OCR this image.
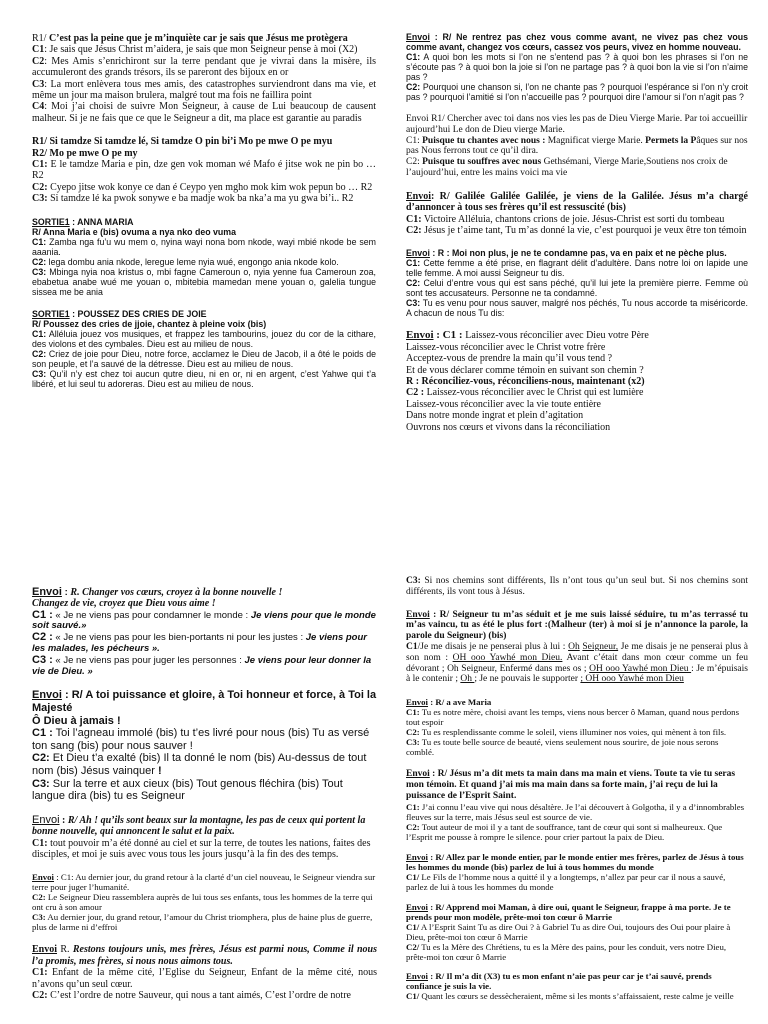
R1/ C’est pas la peine que je m’inquiète car je sais que Jésus me protègera

C1: Je sais que Jésus Christ m’aidera, je sais que mon Seigneur pense à moi (X2)

C2: Mes Amis s’enrichiront sur la terre pendant que je vivrai dans la misère, ils accumuleront des grands trésors, ils se pareront des bijoux en or

C3: La mort enlèvera tous mes amis, des catastrophes surviendront dans ma vie, et même un jour ma maison brulera, malgré tout ma fois ne faillira point

C4: Moi j’ai choisi de suivre Mon Seigneur, à cause de Lui beaucoup de causent malheur. Si je ne fais que ce que le Seigneur a dit, ma place est garantie au paradis

R1/ Si tamdze Si tamdze lé, Si tamdze O pin bi’i Mo pe mwe O pe myu

R2/ Mo pe mwe O pe my

C1: E le tamdze Maria e pin, dze gen vok moman wé Mafo é jitse wok ne pin bo …R2

C2: Cyepo jitse wok konye ce dan é Ceypo yen mgho mok kim wok pepun bo … R2

C3: Si tamdze lé ka pwok sonywe e ba madje wok ba nka’a ma yu gwa bi’i.. R2

SORTIE1 : ANNA MARIA

R/ Anna Maria e (bis) ovuma a nya nko deo vuma

C1: Zamba nga fu’u wu mem o, nyina wayi nona bom nkode, wayi mbié nkode be sem aaania.

C2: lega dombu ania nkode, leregue leme nyia wué, engongo ania nkode kolo.

C3: Mbinga nyia noa kristus o, mbi fagne Cameroun o, nyia yenne fua Cameroun zoa, ebabetua anabe wué me youan o, mbitebia mamedan mene youan o, galelia tungue sissea me be ania

SORTIE1 : POUSSEZ DES CRIES DE JOIE

R/ Poussez des cries de jjoie, chantez à pleine voix (bis)

C1: Alléluia jouez vos musiques, et frappez les tambourins, jouez du cor de la cithare, des violons et des cymbales. Dieu est au milieu de nous.

C2: Criez de joie pour Dieu, notre force, acclamez le Dieu de Jacob, il a ôté le poids de son peuple, et l’a sauvé de la détresse. Dieu est au milieu de nous.

C3: Qu’il n’y est chez toi aucun qutre dieu, ni en or, ni en argent, c’est Yahwe qui t’a libéré, et lui seul tu adoreras. Dieu est au milieu de nous.

Envoi : R/ Ne rentrez pas chez vous comme avant, ne vivez pas chez vous comme avant, changez vos cœurs, cassez vos peurs, vivez en homme nouveau.

C1: A quoi bon les mots si l’on ne s’entend pas ? à quoi bon les phrases si l’on ne s’écoute pas ? à quoi bon la joie si l’on ne partage pas ? à quoi bon la vie si l’on n’aime pas ?

C2: Pourquoi une chanson si, l’on ne chante pas ? pourquoi l’espérance si l’on n’y croit pas ? pourquoi l’amitié si l’on n’accueille pas ? pourquoi dire l’amour si l’on n’agit pas ?

Envoi R1/ Chercher avec toi dans nos vies les pas de Dieu Vierge Marie. Par toi accueillir aujourd’hui Le don de Dieu vierge Marie.

C1: Puisque tu chantes avec nous : Magnificat vierge Marie. Permets la Pâques sur nos pas Nous ferrons tout ce qu’il dira.

C2: Puisque tu souffres avec nous Gethsémani, Vierge Marie,Soutiens nos croix de l’aujourd’hui, entre les mains voici ma vie

Envoi: R/ Galilée Galilée Galilée, je viens de la Galilée. Jésus m’a chargé d’annoncer à tous ses frères qu’il est ressuscité (bis)

C1: Victoire Alléluia, chantons crions de joie. Jésus-Christ est sorti du tombeau

C2: Jésus je t’aime tant, Tu m’as donné la vie, c’est pourquoi je veux être ton témoin

Envoi : R : Moi non plus, je ne te condamne pas, va en paix et ne pèche plus.

C1: Cette femme a été prise, en flagrant délit d’adultère. Dans notre loi on lapide une telle femme. A moi aussi Seigneur tu dis.

C2: Celui d’entre vous qui est sans péché, qu’il lui jete la première pierre. Femme où sont tes accusateurs. Personne ne ta condamné.

C3: Tu es venu pour nous sauver, malgré nos péchés, Tu nous accorde ta miséricorde. A chacun de nous Tu dis:

Envoi : C1 : Laissez-vous réconcilier avec Dieu votre Père

Laissez-vous réconcilier avec le Christ votre frère

Acceptez-vous de prendre la main qu’il vous tend ?

Et de vous déclarer comme témoin en suivant son chemin ?

R : Réconciliez-vous, réconciliens-nous, maintenant (x2)

C2 : Laissez-vous réconcilier avec le Christ qui est lumière

Laissez-vous réconcilier avec la vie toute entière

Dans notre monde ingrat et plein d’agitation

Ouvrons nos cœurs et vivons dans la réconciliation

Envoi : R. Changer vos cœurs, croyez à la bonne nouvelle !

Changez de vie, croyez que Dieu vous aime !

C1 : « Je ne viens pas pour condamner le monde : Je viens pour que le monde soit sauvé.»

C2 : « Je ne viens pas pour les bien-portants ni pour les justes : Je viens pour les malades, les pécheurs ».

C3 : « Je ne viens pas pour juger les personnes : Je viens pour leur donner la vie de Dieu. »

Envoi : R/ A toi puissance et gloire, à Toi honneur et force, à Toi la Majesté

Ô Dieu à jamais !

C1 : Toi l’agneau immolé (bis) tu t’es livré pour nous (bis) Tu as versé ton sang (bis) pour nous sauver !

C2: Et Dieu t’a exalté (bis) Il ta donné le nom (bis) Au-dessus de tout nom (bis) Jésus vainquer !

C3: Sur la terre et aux cieux (bis) Tout genous fléchira (bis) Tout langue dira (bis) tu es Seigneur

Envoi : R/ Ah ! qu’ils sont beaux sur la montagne, les pas de ceux qui portent la bonne nouvelle, qui annoncent le salut et la paix.

C1: tout pouvoir m’a été donné au ciel et sur la terre, de toutes les nations, faites des disciples, et moi je suis avec vous tous les jours jusqu’à la fin des des temps.

Envoi : C1: Au dernier jour, du grand retour à la clarté d’un ciel nouveau, le Seigneur viendra sur terre pour juger l’humanité.

C2: Le Seigneur Dieu rassemblera auprès de lui tous ses enfants, tous les hommes de la terre qui ont cru à son amour

C3: Au dernier jour, du grand retour, l’amour du Christ triomphera, plus de haine plus de guerre, plus de larme ni d’effroi

Envoi R. Restons toujours unis, mes frères, Jésus est parmi nous, Comme il nous l’a promis, mes frères, si nous nous aimons tous.

C1: Enfant de la même cité, l’Eglise du Seigneur, Enfant de la même cité, nous n’avons qu’un seul cœur.

C2: C’est l’ordre de notre Sauveur, qui nous a tant aimés, C’est l’ordre de notre

C3: Si nos chemins sont différents, Ils n’ont tous qu’un seul but. Si nos chemins sont différents, ils vont tous à Jésus.

Envoi : R/ Seigneur tu m’as séduit et je me suis laissé séduire, tu m’as terrassé tu m’as vaincu, tu as été le plus fort :(Malheur (ter) à moi si je n’annonce la parole, la parole du Seigneur) (bis)

C1/Je me disais je ne penserai plus à lui : Oh Seigneur, Je me disais je ne penserai plus à son nom : OH ooo Yawhé mon Dieu. Avant c’était dans mon cœur comme un feu dévorant ; Oh Seigneur, Enfermé dans mes os ; OH ooo Yawhé mon Dieu : Je m’épuisais à le contenir ; Oh ; Je ne pouvais le supporter ; OH ooo Yawhé mon Dieu

Envoi : R/ a ave Maria

C1: Tu es notre mère, choisi avant les temps, viens nous bercer ô Maman, quand nous perdons tout espoir

C2: Tu es resplendissante comme le soleil, viens illuminer nos voies, qui mènent à ton fils.

C3: Tu es toute belle source de beauté, viens seulement nous sourire, de joie nous serons comblé.

Envoi : R/ Jésus m’a dit mets ta main dans ma main et viens. Toute ta vie tu seras mon témoin. Et quand j’ai mis ma main dans sa forte main, j’ai reçu de lui la puissance de l’Esprit Saint.

C1: J’ai connu l’eau vive qui nous désaltère. Je l’ai découvert à Golgotha, il y a d’innombrables fleuves sur la terre, mais Jésus seul est source de vie.

C2: Tout auteur de moi il y a tant de souffrance, tant de cœur qui sont si malheureux. Que l’Esprit me pousse à rompre le silence. pour crier partout la paix de Dieu.

Envoi : R/ Allez par le monde entier, par le monde entier mes frères, parlez de Jésus à tous les hommes du monde (bis) parlez de lui à tous hommes du monde

C1/ Le Fils de l’homme nous a quitté il y a longtemps, n’allez par peur car il nous a sauvé, parlez de lui à tous les hommes du monde

Envoi : R/ Apprend moi Maman, à dire oui, quant le Seigneur, frappe à ma porte. Je te prends pour mon modèle, prête-moi ton cœur ô Marrie

C1/ A l’Esprit Saint Tu as dire Oui ? à Gabriel Tu as dire Oui, toujours des Oui pour plaire à Dieu, prête-moi ton cœur ô Marrie

C2/ Tu es la Mère des Chrétiens, tu es la Mère des pains, pour les conduit, vers notre Dieu, prête-moi ton cœur ô Marrie

Envoi : R/ Il m’a dit (X3) tu es mon enfant n’aie pas peur car je t’ai sauvé, prends confiance je suis la vie.

C1/ Quant les cœurs se dessècheraient, même si les monts s’affaissaient, reste calme je veille
